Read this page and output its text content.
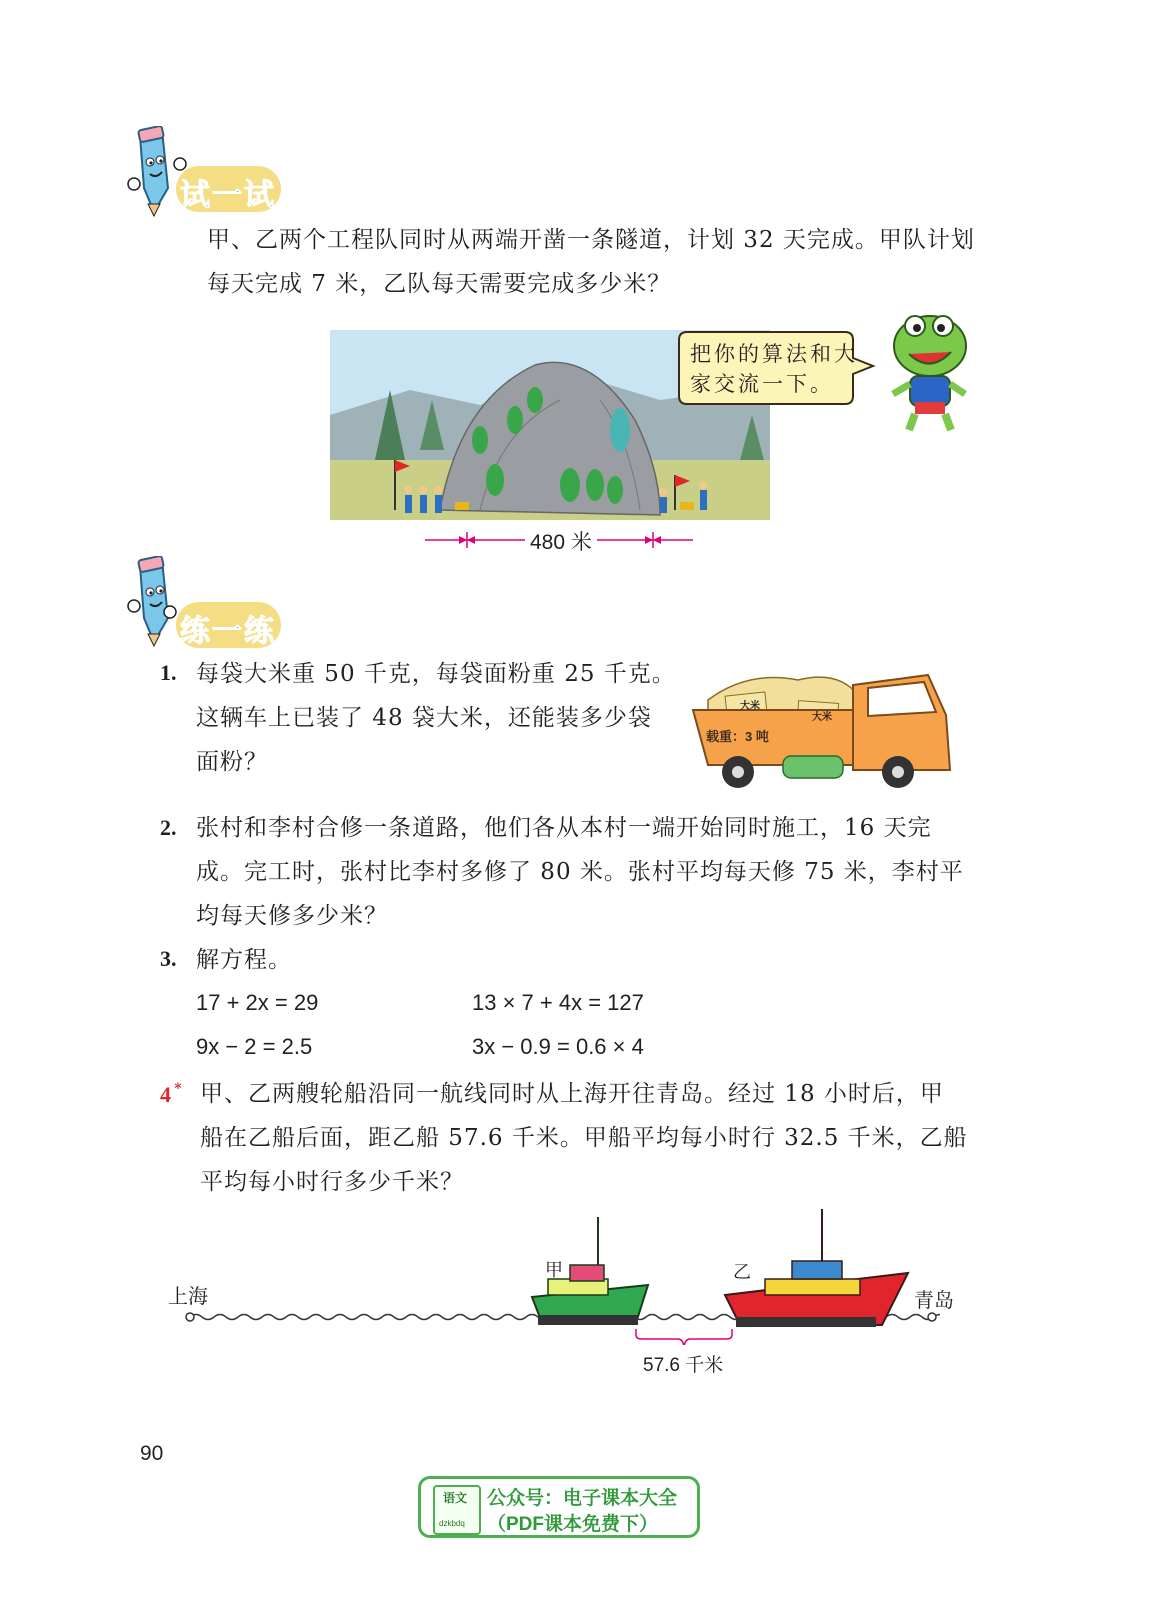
试一试
甲、乙两个工程队同时从两端开凿一条隧道，计划 32 天完成。甲队计划
每天完成 7 米，乙队每天需要完成多少米？
480 米
把你的算法和大
家交流一下。
练一练
1. 每袋大米重 50 千克，每袋面粉重 25 千克。
这辆车上已装了 48 袋大米，还能装多少袋
面粉？
载重：3 吨
大米
大米
2. 张村和李村合修一条道路，他们各从本村一端开始同时施工，16 天完
成。完工时，张村比李村多修了 80 米。张村平均每天修 75 米，李村平
均每天修多少米？
3. 解方程。
17 + 2x = 29	13 × 7 + 4x = 127
9x − 2 = 2.5	3x − 0.9 = 0.6 × 4
4 ∗ 甲、乙两艘轮船沿同一航线同时从上海开往青岛。经过 18 小时后，甲
船在乙船后面，距乙船 57.6 千米。甲船平均每小时行 32.5 千米，乙船
平均每小时行多少千米？
上海	青岛
甲	乙
57.6 千米
90
语文
dzkbdq
公众号：电子课本大全
（PDF课本免费下）
